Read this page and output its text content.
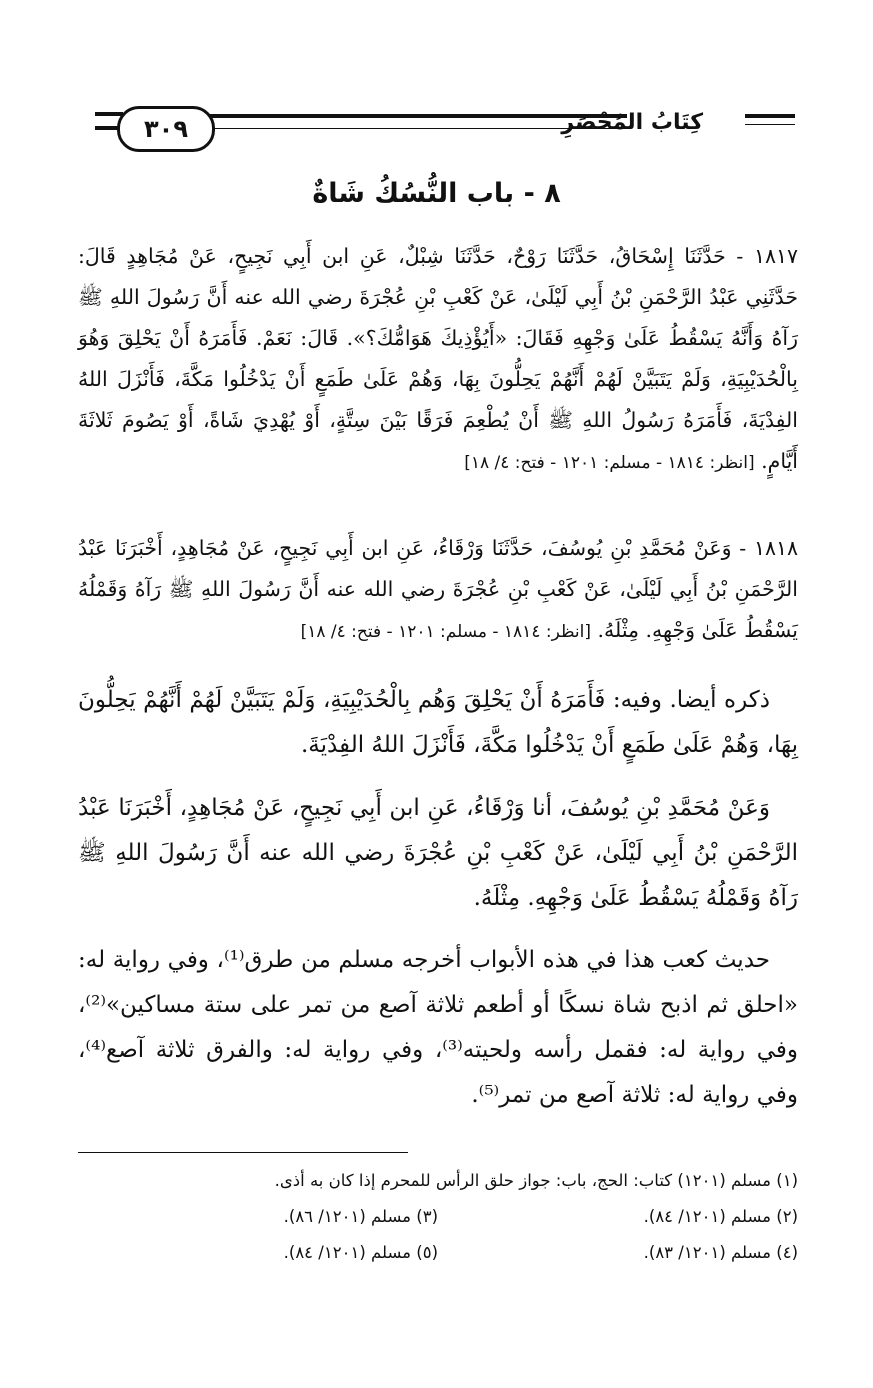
٣٠٩	كِتَابُ المُحْصَرِ
٨ - باب النُّسُكُ شَاةٌ

١٨١٧ - حَدَّثَنَا إِسْحَاقُ، حَدَّثَنَا رَوْحٌ، حَدَّثَنَا شِبْلٌ، عَنِ ابن أَبِي نَجِيحٍ، عَنْ مُجَاهِدٍ قَالَ: حَدَّثَنِي عَبْدُ الرَّحْمَنِ بْنُ أَبِي لَيْلَىٰ، عَنْ كَعْبِ بْنِ عُجْرَةَ رضي الله عنه أَنَّ رَسُولَ اللهِ ﷺ رَآهُ وَأَنَّهُ يَسْقُطُ عَلَىٰ وَجْهِهِ فَقَالَ: «أَيُؤْذِيكَ هَوَامُّكَ؟». قَالَ: نَعَمْ. فَأَمَرَهُ أَنْ يَحْلِقَ وَهُوَ بِالْحُدَيْبِيَةِ، وَلَمْ يَتَبَيَّنْ لَهُمْ أَنَّهُمْ يَحِلُّونَ بِهَا، وَهُمْ عَلَىٰ طَمَعٍ أَنْ يَدْخُلُوا مَكَّةَ، فَأَنْزَلَ اللهُ الفِدْيَةَ، فَأَمَرَهُ رَسُولُ اللهِ ﷺ أَنْ يُطْعِمَ فَرَقًا بَيْنَ سِتَّةٍ، أَوْ يُهْدِيَ شَاةً، أَوْ يَصُومَ ثَلاثَةَ أَيَّامٍ. [انظر: ١٨١٤ - مسلم: ١٢٠١ - فتح: ٤/ ١٨]

١٨١٨ - وَعَنْ مُحَمَّدِ بْنِ يُوسُفَ، حَدَّثَنَا وَرْقَاءُ، عَنِ ابن أَبِي نَجِيحٍ، عَنْ مُجَاهِدٍ، أَخْبَرَنَا عَبْدُ الرَّحْمَنِ بْنُ أَبِي لَيْلَىٰ، عَنْ كَعْبِ بْنِ عُجْرَةَ رضي الله عنه أَنَّ رَسُولَ اللهِ ﷺ رَآهُ وَقَمْلُهُ يَسْقُطُ عَلَىٰ وَجْهِهِ. مِثْلَهُ. [انظر: ١٨١٤ - مسلم: ١٢٠١ - فتح: ٤/ ١٨]

ذكره أيضا. وفيه: فَأَمَرَهُ أَنْ يَحْلِقَ وَهُم بِالْحُدَيْبِيَةِ، وَلَمْ يَتَبَيَّنْ لَهُمْ أَنَّهُمْ يَحِلُّونَ بِهَا، وَهُمْ عَلَىٰ طَمَعٍ أَنْ يَدْخُلُوا مَكَّةَ، فَأَنْزَلَ اللهُ الفِدْيَةَ.

وَعَنْ مُحَمَّدِ بْنِ يُوسُفَ، أنا وَرْقَاءُ، عَنِ ابن أَبِي نَجِيحٍ، عَنْ مُجَاهِدٍ، أَخْبَرَنَا عَبْدُ الرَّحْمَنِ بْنُ أَبِي لَيْلَىٰ، عَنْ كَعْبِ بْنِ عُجْرَةَ رضي الله عنه أَنَّ رَسُولَ اللهِ ﷺ رَآهُ وَقَمْلُهُ يَسْقُطُ عَلَىٰ وَجْهِهِ. مِثْلَهُ.

حديث كعب هذا في هذه الأبواب أخرجه مسلم من طرق⁽¹⁾، وفي رواية له: «احلق ثم اذبح شاة نسكًا أو أطعم ثلاثة آصع من تمر على ستة مساكين»⁽²⁾، وفي رواية له: فقمل رأسه ولحيته⁽³⁾، وفي رواية له: والفرق ثلاثة آصع⁽⁴⁾، وفي رواية له: ثلاثة آصع من تمر⁽⁵⁾.

(١) مسلم (١٢٠١) كتاب: الحج، باب: جواز حلق الرأس للمحرم إذا كان به أذى.
(٢) مسلم (١٢٠١/ ٨٤).
(٣) مسلم (١٢٠١/ ٨٦).
(٤) مسلم (١٢٠١/ ٨٣).
(٥) مسلم (١٢٠١/ ٨٤).
